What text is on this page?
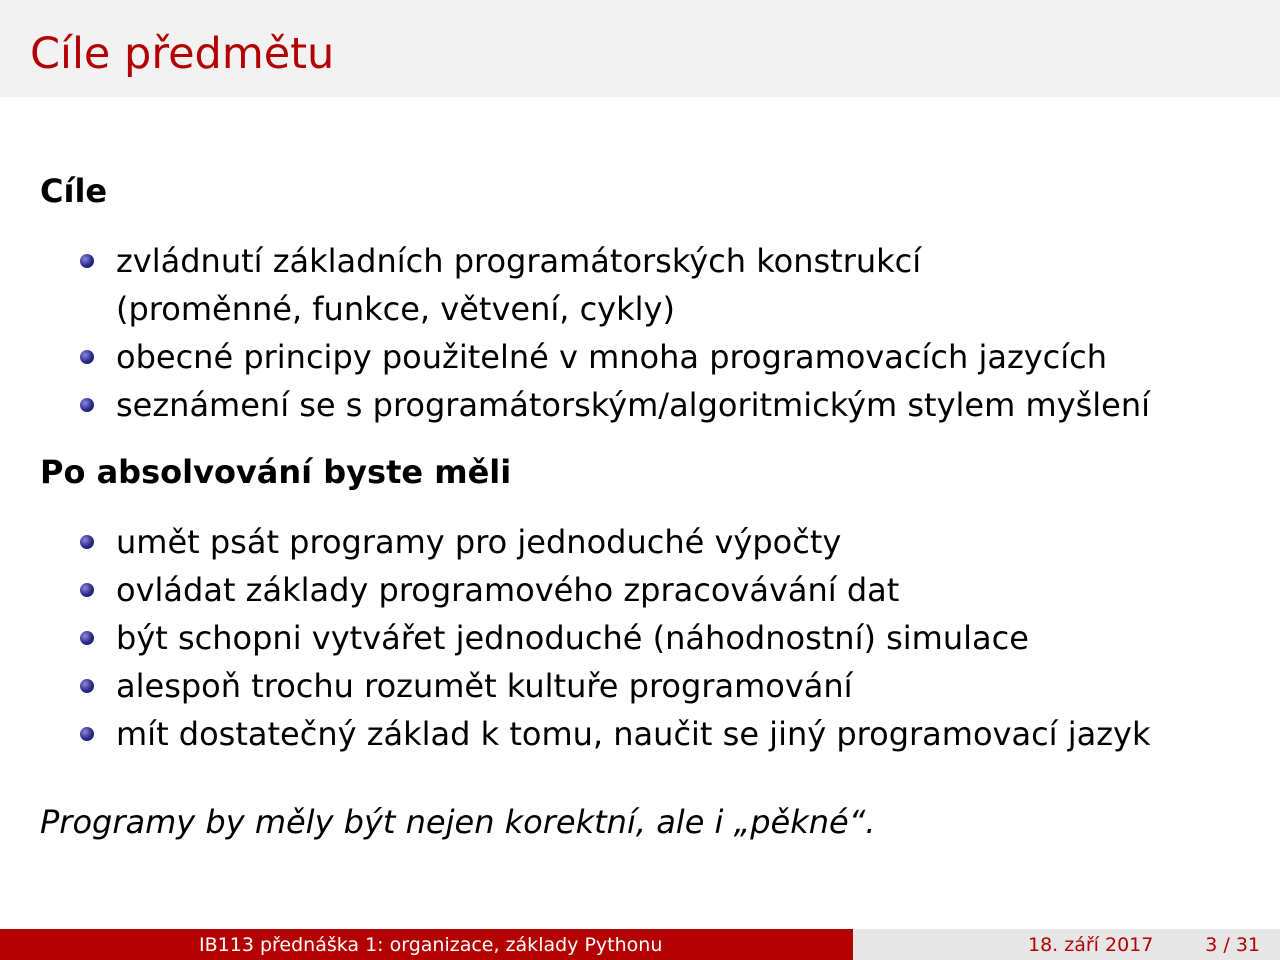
Cíle předmětu
Cíle
zvládnutí základních programátorských konstrukcí
(proměnné, funkce, větvení, cykly)
obecné principy použitelné v mnoha programovacích jazycích
seznámení se s programátorským/algoritmickým stylem myšlení
Po absolvování byste měli
umět psát programy pro jednoduché výpočty
ovládat základy programového zpracovávání dat
být schopni vytvářet jednoduché (náhodnostní) simulace
alespoň trochu rozumět kultuře programování
mít dostatečný základ k tomu, naučit se jiný programovací jazyk
Programy by měly být nejen korektní, ale i „pěkné“.
IB113 přednáška 1: organizace, základy Pythonu	18. září 2017	3 / 31
